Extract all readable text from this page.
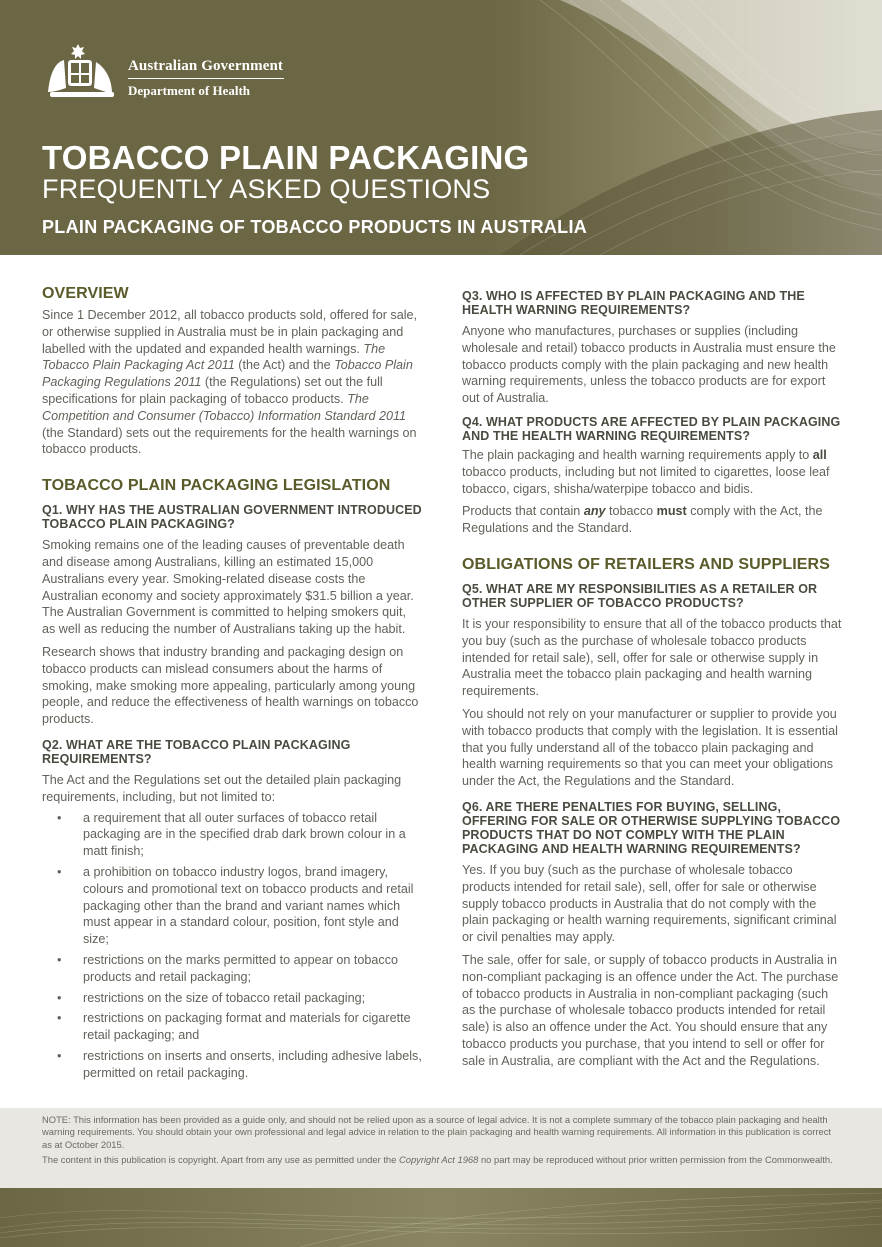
Australian Government
Department of Health
TOBACCO PLAIN PACKAGING
FREQUENTLY ASKED QUESTIONS
PLAIN PACKAGING OF TOBACCO PRODUCTS IN AUSTRALIA
OVERVIEW

Since 1 December 2012, all tobacco products sold, offered for sale, or otherwise supplied in Australia must be in plain packaging and labelled with the updated and expanded health warnings. The Tobacco Plain Packaging Act 2011 (the Act) and the Tobacco Plain Packaging Regulations 2011 (the Regulations) set out the full specifications for plain packaging of tobacco products. The Competition and Consumer (Tobacco) Information Standard 2011 (the Standard) sets out the requirements for the health warnings on tobacco products.

TOBACCO PLAIN PACKAGING LEGISLATION
Q1. WHY HAS THE AUSTRALIAN GOVERNMENT INTRODUCED TOBACCO PLAIN PACKAGING?

Smoking remains one of the leading causes of preventable death and disease among Australians, killing an estimated 15,000 Australians every year. Smoking-related disease costs the Australian economy and society approximately $31.5 billion a year. The Australian Government is committed to helping smokers quit, as well as reducing the number of Australians taking up the habit.

Research shows that industry branding and packaging design on tobacco products can mislead consumers about the harms of smoking, make smoking more appealing, particularly among young people, and reduce the effectiveness of health warnings on tobacco products.

Q2. WHAT ARE THE TOBACCO PLAIN PACKAGING REQUIREMENTS?

The Act and the Regulations set out the detailed plain packaging requirements, including, but not limited to:

• a requirement that all outer surfaces of tobacco retail packaging are in the specified drab dark brown colour in a matt finish;
• a prohibition on tobacco industry logos, brand imagery, colours and promotional text on tobacco products and retail packaging other than the brand and variant names which must appear in a standard colour, position, font style and size;
• restrictions on the marks permitted to appear on tobacco products and retail packaging;
• restrictions on the size of tobacco retail packaging;
• restrictions on packaging format and materials for cigarette retail packaging; and
• restrictions on inserts and onserts, including adhesive labels, permitted on retail packaging.
Q3. WHO IS AFFECTED BY PLAIN PACKAGING AND THE HEALTH WARNING REQUIREMENTS?

Anyone who manufactures, purchases or supplies (including wholesale and retail) tobacco products in Australia must ensure the tobacco products comply with the plain packaging and new health warning requirements, unless the tobacco products are for export out of Australia.

Q4. WHAT PRODUCTS ARE AFFECTED BY PLAIN PACKAGING AND THE HEALTH WARNING REQUIREMENTS?

The plain packaging and health warning requirements apply to all tobacco products, including but not limited to cigarettes, loose leaf tobacco, cigars, shisha/waterpipe tobacco and bidis.

Products that contain any tobacco must comply with the Act, the Regulations and the Standard.

OBLIGATIONS OF RETAILERS AND SUPPLIERS
Q5. WHAT ARE MY RESPONSIBILITIES AS A RETAILER OR OTHER SUPPLIER OF TOBACCO PRODUCTS?

It is your responsibility to ensure that all of the tobacco products that you buy (such as the purchase of wholesale tobacco products intended for retail sale), sell, offer for sale or otherwise supply in Australia meet the tobacco plain packaging and health warning requirements.

You should not rely on your manufacturer or supplier to provide you with tobacco products that comply with the legislation. It is essential that you fully understand all of the tobacco plain packaging and health warning requirements so that you can meet your obligations under the Act, the Regulations and the Standard.

Q6. ARE THERE PENALTIES FOR BUYING, SELLING, OFFERING FOR SALE OR OTHERWISE SUPPLYING TOBACCO PRODUCTS THAT DO NOT COMPLY WITH THE PLAIN PACKAGING AND HEALTH WARNING REQUIREMENTS?

Yes. If you buy (such as the purchase of wholesale tobacco products intended for retail sale), sell, offer for sale or otherwise supply tobacco products in Australia that do not comply with the plain packaging or health warning requirements, significant criminal or civil penalties may apply.

The sale, offer for sale, or supply of tobacco products in Australia in non-compliant packaging is an offence under the Act. The purchase of tobacco products in Australia in non-compliant packaging (such as the purchase of wholesale tobacco products intended for retail sale) is also an offence under the Act. You should ensure that any tobacco products you purchase, that you intend to sell or offer for sale in Australia, are compliant with the Act and the Regulations.

NOTE: This information has been provided as a guide only, and should not be relied upon as a source of legal advice. It is not a complete summary of the tobacco plain packaging and health warning requirements. You should obtain your own professional and legal advice in relation to the plain packaging and health warning requirements. All information in this publication is correct as at October 2015.

The content in this publication is copyright. Apart from any use as permitted under the Copyright Act 1968 no part may be reproduced without prior written permission from the Commonwealth.
